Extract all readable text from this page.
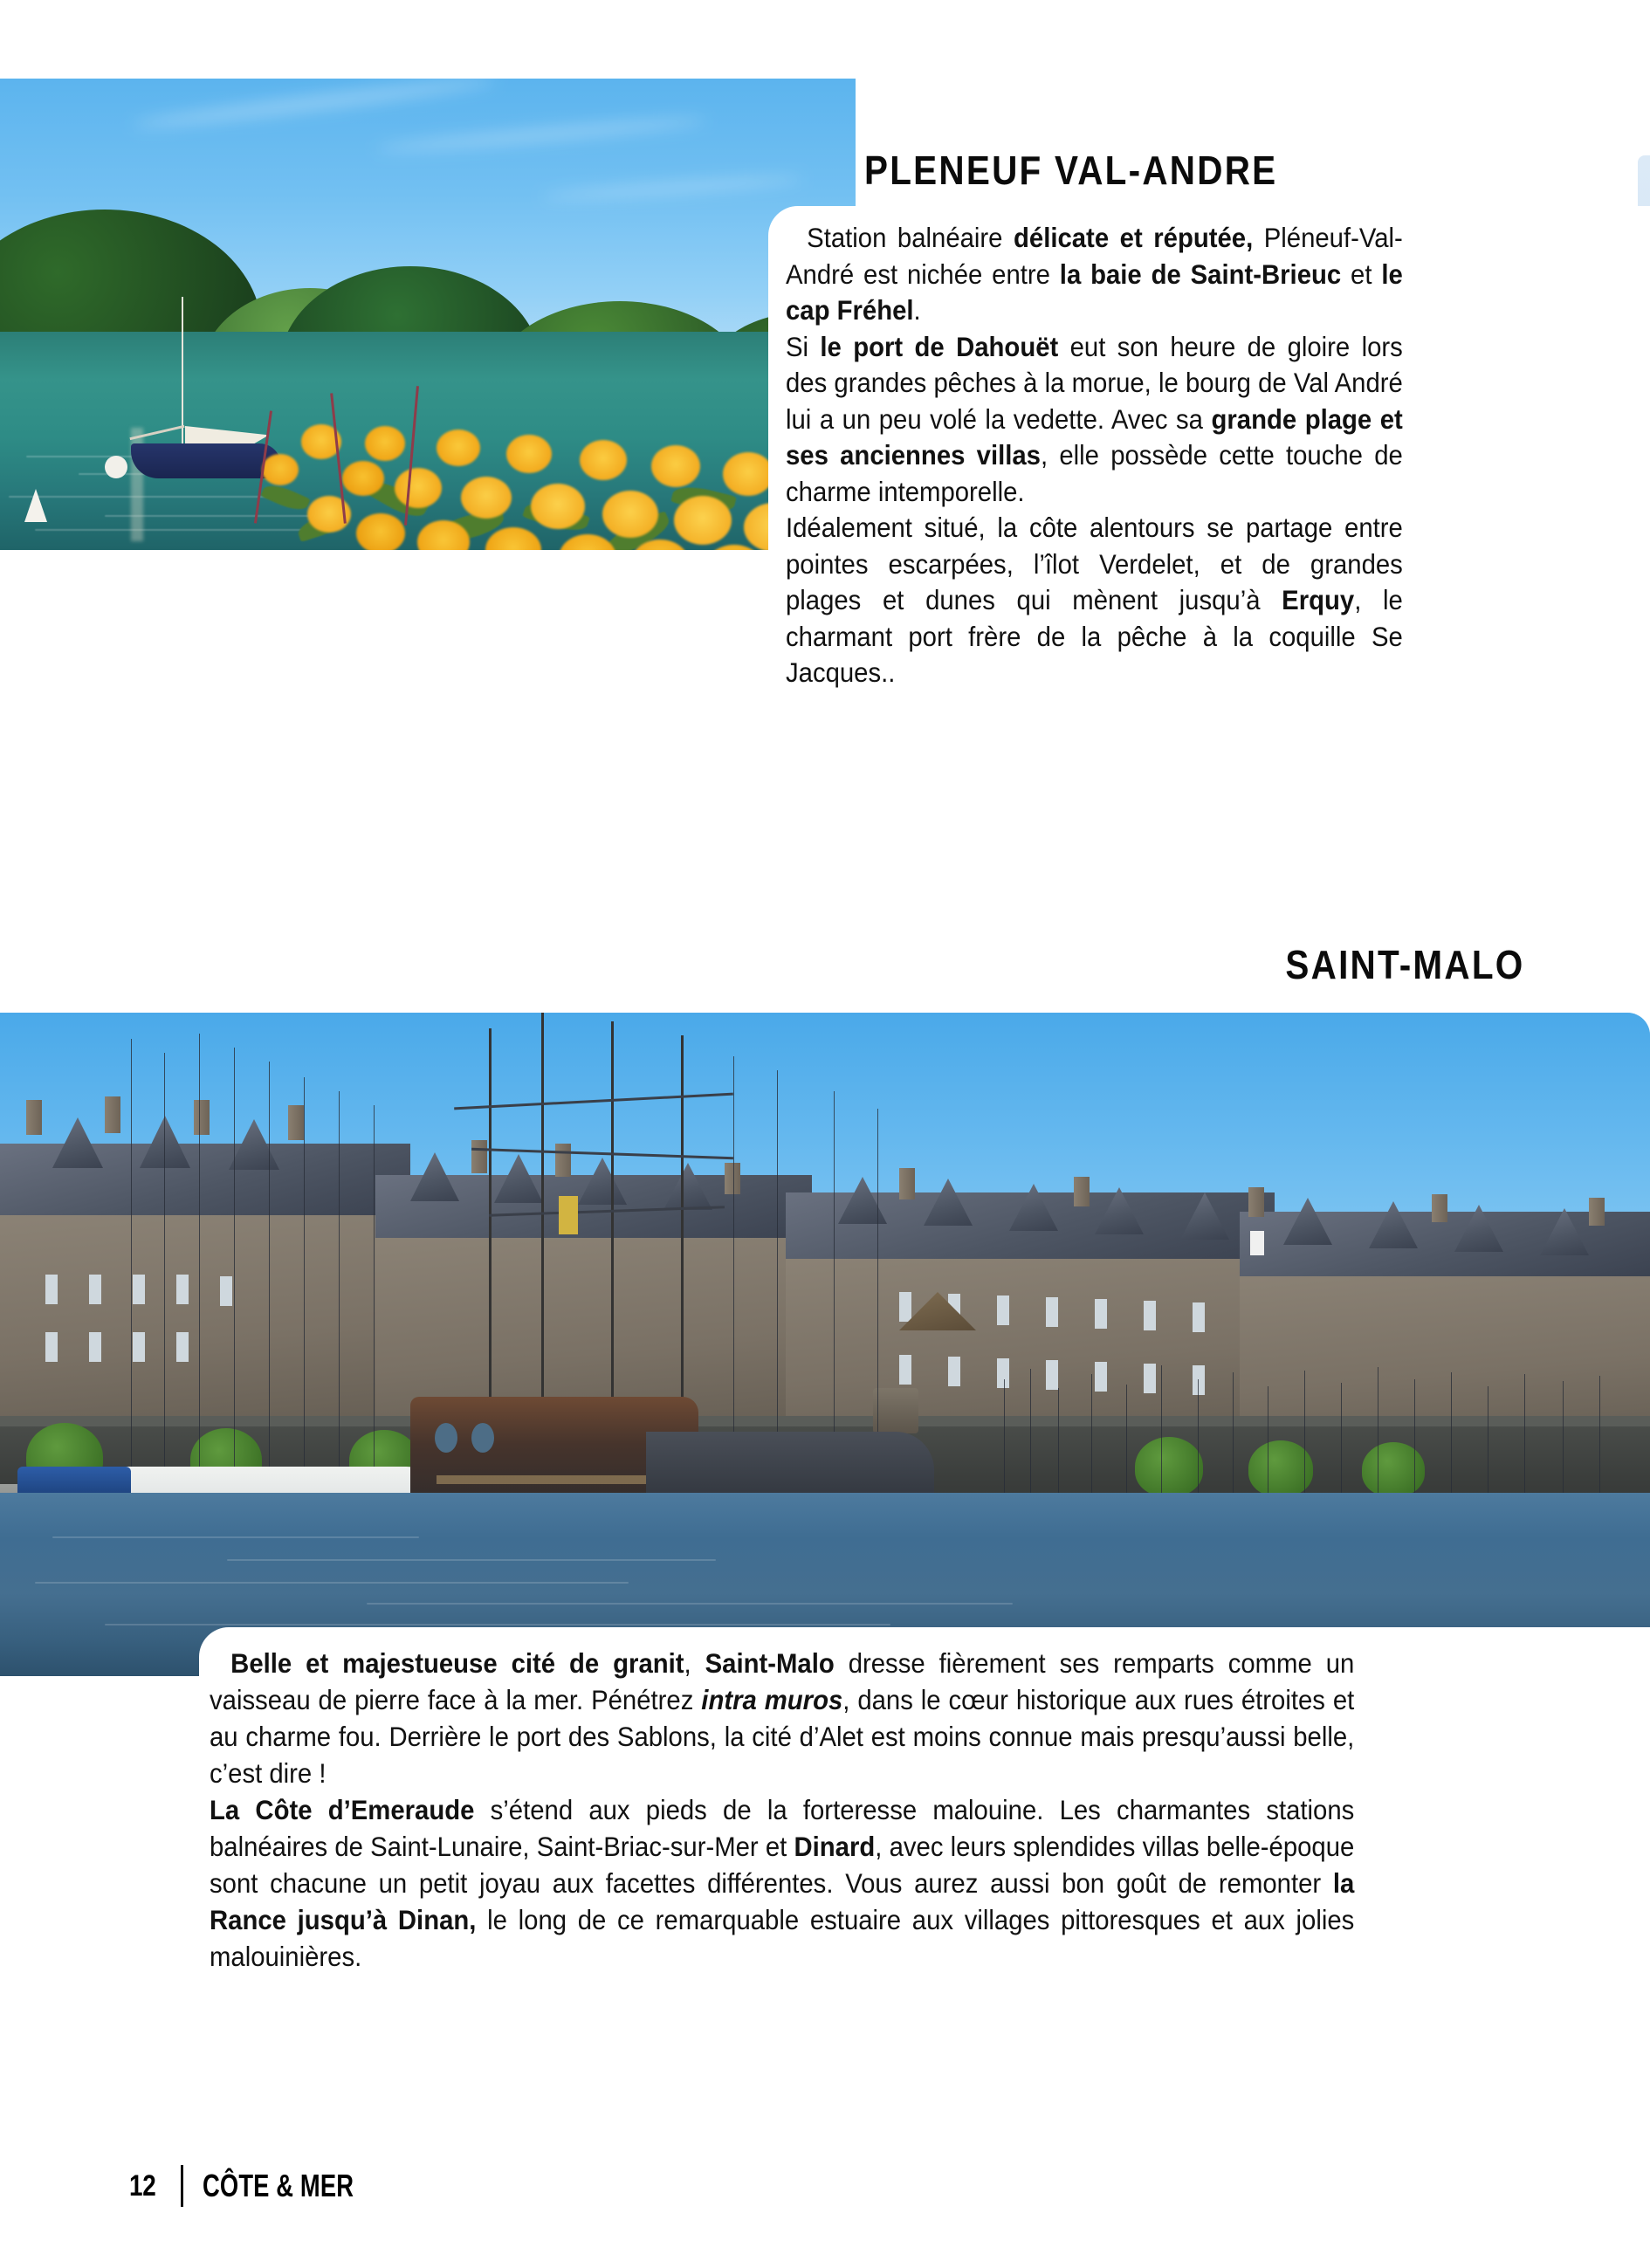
PLENEUF VAL-ANDRE

Station balnéaire délicate et réputée, Pléneuf-Val-André est nichée entre la baie de Saint-Brieuc et le cap Fréhel.

Si le port de Dahouët eut son heure de gloire lors des grandes pêches à la morue, le bourg de Val André lui a un peu volé la vedette. Avec sa grande plage et ses anciennes villas, elle possède cette touche de charme intemporelle.

Idéalement situé, la côte alentours se partage entre pointes escarpées, l’îlot Verdelet, et de grandes plages et dunes qui mènent jusqu’à Erquy, le charmant port frère de la pêche à la coquille Se Jacques..

SAINT-MALO

Belle et majestueuse cité de granit, Saint-Malo dresse fièrement ses remparts comme un vaisseau de pierre face à la mer. Pénétrez intra muros, dans le cœur historique aux rues étroites et au charme fou. Derrière le port des Sablons, la cité d’Alet est moins connue mais presqu’aussi belle, c’est dire !

La Côte d’Emeraude s’étend aux pieds de la forteresse malouine. Les charmantes stations balnéaires de Saint-Lunaire, Saint-Briac-sur-Mer et Dinard, avec leurs splendides villas belle-époque sont chacune un petit joyau aux facettes différentes. Vous aurez aussi bon goût de remonter la Rance jusqu’à Dinan, le long de ce remarquable estuaire aux villages pittoresques et aux jolies malouinières.

12 CÔTE & MER
